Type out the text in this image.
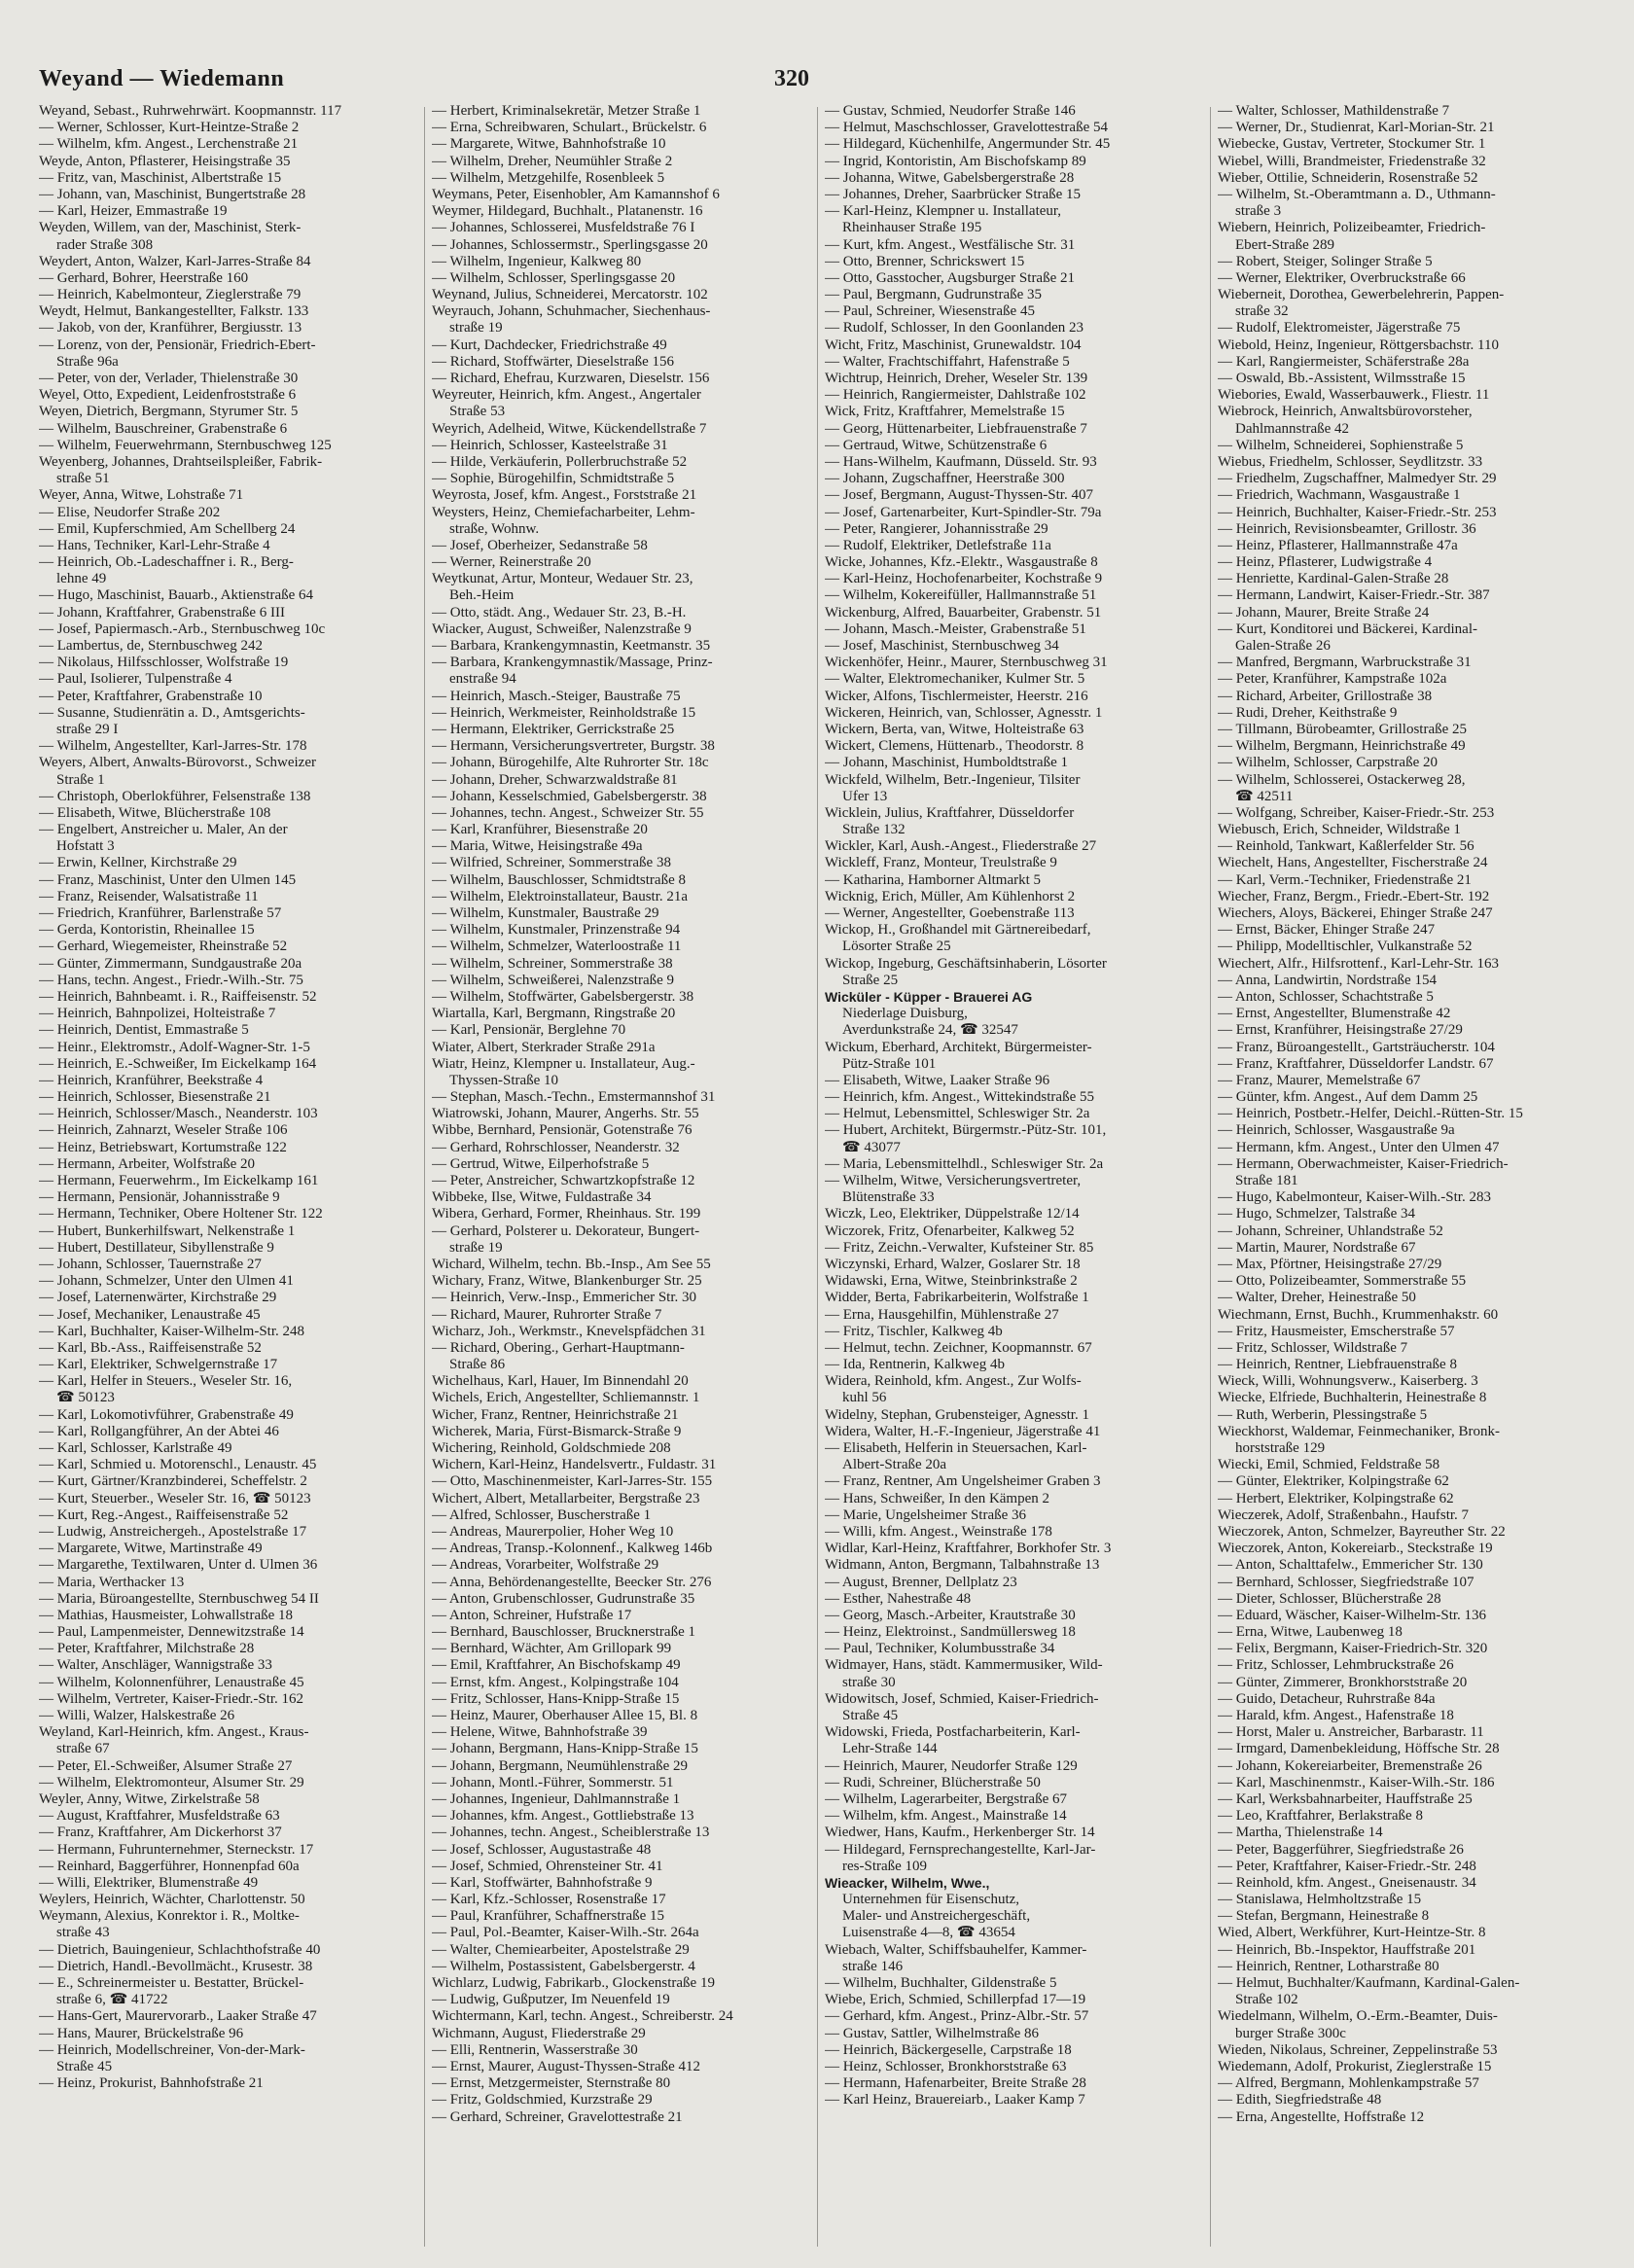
Weyand — Wiedemann	320
Weyand, Sebast., Ruhrwehrwärt. Koopmannstr. 117
— Werner, Schlosser, Kurt-Heintze-Straße 2
— Wilhelm, kfm. Angest., Lerchenstraße 21
Weyde, Anton, Pflasterer, Heisingstraße 35
— Fritz, van, Maschinist, Albertstraße 15
— Johann, van, Maschinist, Bungertstraße 28
— Karl, Heizer, Emmastraße 19
Weyden, Willem, van der, Maschinist, Sterk-
rader Straße 308
Weydert, Anton, Walzer, Karl-Jarres-Straße 84
— Gerhard, Bohrer, Heerstraße 160
— Heinrich, Kabelmonteur, Zieglerstraße 79
Weydt, Helmut, Bankangestellter, Falkstr. 133
— Jakob, von der, Kranführer, Bergiusstr. 13
— Lorenz, von der, Pensionär, Friedrich-Ebert-
Straße 96a
— Peter, von der, Verlader, Thielenstraße 30
Weyel, Otto, Expedient, Leidenfroststraße 6
Weyen, Dietrich, Bergmann, Styrumer Str. 5
— Wilhelm, Bauschreiner, Grabenstraße 6
— Wilhelm, Feuerwehrmann, Sternbuschweg 125
Weyenberg, Johannes, Drahtseilspleißer, Fabrik-
straße 51
Weyer, Anna, Witwe, Lohstraße 71
— Elise, Neudorfer Straße 202
— Emil, Kupferschmied, Am Schellberg 24
— Hans, Techniker, Karl-Lehr-Straße 4
— Heinrich, Ob.-Ladeschaffner i. R., Berg-
lehne 49
— Hugo, Maschinist, Bauarb., Aktienstraße 64
— Johann, Kraftfahrer, Grabenstraße 6 III
— Josef, Papiermasch.-Arb., Sternbuschweg 10c
— Lambertus, de, Sternbuschweg 242
— Nikolaus, Hilfsschlosser, Wolfstraße 19
— Paul, Isolierer, Tulpenstraße 4
— Peter, Kraftfahrer, Grabenstraße 10
— Susanne, Studienrätin a. D., Amtsgerichts-
straße 29 I
— Wilhelm, Angestellter, Karl-Jarres-Str. 178
Weyers, Albert, Anwalts-Bürovorst., Schweizer
Straße 1
— Christoph, Oberlokführer, Felsenstraße 138
— Elisabeth, Witwe, Blücherstraße 108
— Engelbert, Anstreicher u. Maler, An der
Hofstatt 3
— Erwin, Kellner, Kirchstraße 29
— Franz, Maschinist, Unter den Ulmen 145
— Franz, Reisender, Walsatistraße 11
— Friedrich, Kranführer, Barlenstraße 57
— Gerda, Kontoristin, Rheinallee 15
— Gerhard, Wiegemeister, Rheinstraße 52
— Günter, Zimmermann, Sundgaustraße 20a
— Hans, techn. Angest., Friedr.-Wilh.-Str. 75
— Heinrich, Bahnbeamt. i. R., Raiffeisenstr. 52
— Heinrich, Bahnpolizei, Holteistraße 7
— Heinrich, Dentist, Emmastraße 5
— Heinr., Elektromstr., Adolf-Wagner-Str. 1-5
— Heinrich, E.-Schweißer, Im Eickelkamp 164
— Heinrich, Kranführer, Beekstraße 4
— Heinrich, Schlosser, Biesenstraße 21
— Heinrich, Schlosser/Masch., Neanderstr. 103
— Heinrich, Zahnarzt, Weseler Straße 106
— Heinz, Betriebswart, Kortumstraße 122
— Hermann, Arbeiter, Wolfstraße 20
— Hermann, Feuerwehrm., Im Eickelkamp 161
— Hermann, Pensionär, Johannisstraße 9
— Hermann, Techniker, Obere Holtener Str. 122
— Hubert, Bunkerhilfswart, Nelkenstraße 1
— Hubert, Destillateur, Sibyllenstraße 9
— Johann, Schlosser, Tauernstraße 27
— Johann, Schmelzer, Unter den Ulmen 41
— Josef, Laternenwärter, Kirchstraße 29
— Josef, Mechaniker, Lenaustraße 45
— Karl, Buchhalter, Kaiser-Wilhelm-Str. 248
— Karl, Bb.-Ass., Raiffeisenstraße 52
— Karl, Elektriker, Schwelgernstraße 17
— Karl, Helfer in Steuers., Weseler Str. 16,
☎ 50123
— Karl, Lokomotivführer, Grabenstraße 49
— Karl, Rollgangführer, An der Abtei 46
— Karl, Schlosser, Karlstraße 49
— Karl, Schmied u. Motorenschl., Lenaustr. 45
— Kurt, Gärtner/Kranzbinderei, Scheffelstr. 2
— Kurt, Steuerber., Weseler Str. 16, ☎ 50123
— Kurt, Reg.-Angest., Raiffeisenstraße 52
— Ludwig, Anstreichergeh., Apostelstraße 17
— Margarete, Witwe, Martinstraße 49
— Margarethe, Textilwaren, Unter d. Ulmen 36
— Maria, Werthacker 13
— Maria, Büroangestellte, Sternbuschweg 54 II
— Mathias, Hausmeister, Lohwallstraße 18
— Paul, Lampenmeister, Dennewitzstraße 14
— Peter, Kraftfahrer, Milchstraße 28
— Walter, Anschläger, Wannigstraße 33
— Wilhelm, Kolonnenführer, Lenaustraße 45
— Wilhelm, Vertreter, Kaiser-Friedr.-Str. 162
— Willi, Walzer, Halskestraße 26
Weyland, Karl-Heinrich, kfm. Angest., Kraus-
straße 67
— Peter, El.-Schweißer, Alsumer Straße 27
— Wilhelm, Elektromonteur, Alsumer Str. 29
Weyler, Anny, Witwe, Zirkelstraße 58
— August, Kraftfahrer, Musfeldstraße 63
— Franz, Kraftfahrer, Am Dickerhorst 37
— Hermann, Fuhrunternehmer, Sterneckstr. 17
— Reinhard, Baggerführer, Honnenpfad 60a
— Willi, Elektriker, Blumenstraße 49
Weylers, Heinrich, Wächter, Charlottenstr. 50
Weymann, Alexius, Konrektor i. R., Moltke-
straße 43
— Dietrich, Bauingenieur, Schlachthofstraße 40
— Dietrich, Handl.-Bevollmächt., Krusestr. 38
— E., Schreinermeister u. Bestatter, Brückel-
straße 6, ☎ 41722
— Hans-Gert, Maurervorarb., Laaker Straße 47
— Hans, Maurer, Brückelstraße 96
— Heinrich, Modellschreiner, Von-der-Mark-
Straße 45
— Heinz, Prokurist, Bahnhofstraße 21
— Herbert, Kriminalsekretär, Metzer Straße 1
— Erna, Schreibwaren, Schulart., Brückelstr. 6
— Margarete, Witwe, Bahnhofstraße 10
— Wilhelm, Dreher, Neumühler Straße 2
— Wilhelm, Metzgehilfe, Rosenbleek 5
Weymans, Peter, Eisenhobler, Am Kamannshof 6
Weymer, Hildegard, Buchhalt., Platanenstr. 16
— Johannes, Schlosserei, Musfeldstraße 76 I
— Johannes, Schlossermstr., Sperlingsgasse 20
— Wilhelm, Ingenieur, Kalkweg 80
— Wilhelm, Schlosser, Sperlingsgasse 20
Weynand, Julius, Schneiderei, Mercatorstr. 102
Weyrauch, Johann, Schuhmacher, Siechenhaus-
straße 19
— Kurt, Dachdecker, Friedrichstraße 49
— Richard, Stoffwärter, Dieselstraße 156
— Richard, Ehefrau, Kurzwaren, Dieselstr. 156
Weyreuter, Heinrich, kfm. Angest., Angertaler
Straße 53
Weyrich, Adelheid, Witwe, Kückendellstraße 7
— Heinrich, Schlosser, Kasteelstraße 31
— Hilde, Verkäuferin, Pollerbruchstraße 52
— Sophie, Bürogehilfin, Schmidtstraße 5
Weyrosta, Josef, kfm. Angest., Forststraße 21
Weysters, Heinz, Chemiefacharbeiter, Lehm-
straße, Wohnw.
— Josef, Oberheizer, Sedanstraße 58
— Werner, Reinerstraße 20
Weytkunat, Artur, Monteur, Wedauer Str. 23,
Beh.-Heim
— Otto, städt. Ang., Wedauer Str. 23, B.-H.
Wiacker, August, Schweißer, Nalenzstraße 9
— Barbara, Krankengymnastin, Keetmanstr. 35
— Barbara, Krankengymnastik/Massage, Prinz-
enstraße 94
— Heinrich, Masch.-Steiger, Baustraße 75
— Heinrich, Werkmeister, Reinholdstraße 15
— Hermann, Elektriker, Gerrickstraße 25
— Hermann, Versicherungsvertreter, Burgstr. 38
— Johann, Bürogehilfe, Alte Ruhrorter Str. 18c
— Johann, Dreher, Schwarzwaldstraße 81
— Johann, Kesselschmied, Gabelsbergerstr. 38
— Johannes, techn. Angest., Schweizer Str. 55
— Karl, Kranführer, Biesenstraße 20
— Maria, Witwe, Heisingstraße 49a
— Wilfried, Schreiner, Sommerstraße 38
— Wilhelm, Bauschlosser, Schmidtstraße 8
— Wilhelm, Elektroinstallateur, Baustr. 21a
— Wilhelm, Kunstmaler, Baustraße 29
— Wilhelm, Kunstmaler, Prinzenstraße 94
— Wilhelm, Schmelzer, Waterloostraße 11
— Wilhelm, Schreiner, Sommerstraße 38
— Wilhelm, Schweißerei, Nalenzstraße 9
— Wilhelm, Stoffwärter, Gabelsbergerstr. 38
Wiartalla, Karl, Bergmann, Ringstraße 20
— Karl, Pensionär, Berglehne 70
Wiater, Albert, Sterkrader Straße 291a
Wiatr, Heinz, Klempner u. Installateur, Aug.-
Thyssen-Straße 10
— Stephan, Masch.-Techn., Emstermannshof 31
Wiatrowski, Johann, Maurer, Angerhs. Str. 55
Wibbe, Bernhard, Pensionär, Gotenstraße 76
— Gerhard, Rohrschlosser, Neanderstr. 32
— Gertrud, Witwe, Eilperhofstraße 5
— Peter, Anstreicher, Schwartzkopfstraße 12
Wibbeke, Ilse, Witwe, Fuldastraße 34
Wibera, Gerhard, Former, Rheinhaus. Str. 199
— Gerhard, Polsterer u. Dekorateur, Bungert-
straße 19
Wichard, Wilhelm, techn. Bb.-Insp., Am See 55
Wichary, Franz, Witwe, Blankenburger Str. 25
— Heinrich, Verw.-Insp., Emmericher Str. 30
— Richard, Maurer, Ruhrorter Straße 7
Wicharz, Joh., Werkmstr., Knevelspfädchen 31
— Richard, Obering., Gerhart-Hauptmann-
Straße 86
Wichelhaus, Karl, Hauer, Im Binnendahl 20
Wichels, Erich, Angestellter, Schliemannstr. 1
Wicher, Franz, Rentner, Heinrichstraße 21
Wicherek, Maria, Fürst-Bismarck-Straße 9
Wichering, Reinhold, Goldschmiede 208
Wichern, Karl-Heinz, Handelsvertr., Fuldastr. 31
— Otto, Maschinenmeister, Karl-Jarres-Str. 155
Wichert, Albert, Metallarbeiter, Bergstraße 23
— Alfred, Schlosser, Buscherstraße 1
— Andreas, Maurerpolier, Hoher Weg 10
— Andreas, Transp.-Kolonnenf., Kalkweg 146b
— Andreas, Vorarbeiter, Wolfstraße 29
— Anna, Behördenangestellte, Beecker Str. 276
— Anton, Grubenschlosser, Gudrunstraße 35
— Anton, Schreiner, Hufstraße 17
— Bernhard, Bauschlosser, Brucknerstraße 1
— Bernhard, Wächter, Am Grillopark 99
— Emil, Kraftfahrer, An Bischofskamp 49
— Ernst, kfm. Angest., Kolpingstraße 104
— Fritz, Schlosser, Hans-Knipp-Straße 15
— Heinz, Maurer, Oberhauser Allee 15, Bl. 8
— Helene, Witwe, Bahnhofstraße 39
— Johann, Bergmann, Hans-Knipp-Straße 15
— Johann, Bergmann, Neumühlenstraße 29
— Johann, Montl.-Führer, Sommerstr. 51
— Johannes, Ingenieur, Dahlmannstraße 1
— Johannes, kfm. Angest., Gottliebstraße 13
— Johannes, techn. Angest., Scheiblerstraße 13
— Josef, Schlosser, Augustastraße 48
— Josef, Schmied, Ohrensteiner Str. 41
— Karl, Stoffwärter, Bahnhofstraße 9
— Karl, Kfz.-Schlosser, Rosenstraße 17
— Paul, Kranführer, Schaffnerstraße 15
— Paul, Pol.-Beamter, Kaiser-Wilh.-Str. 264a
— Walter, Chemiearbeiter, Apostelstraße 29
— Wilhelm, Postassistent, Gabelsbergerstr. 4
Wichlarz, Ludwig, Fabrikarb., Glockenstraße 19
— Ludwig, Gußputzer, Im Neuenfeld 19
Wichtermann, Karl, techn. Angest., Schreiberstr. 24
Wichmann, August, Fliederstraße 29
— Elli, Rentnerin, Wasserstraße 30
— Ernst, Maurer, August-Thyssen-Straße 412
— Ernst, Metzgermeister, Sternstraße 80
— Fritz, Goldschmied, Kurzstraße 29
— Gerhard, Schreiner, Gravelottestraße 21
— Gustav, Schmied, Neudorfer Straße 146
— Helmut, Maschschlosser, Gravelottestraße 54
— Hildegard, Küchenhilfe, Angermunder Str. 45
— Ingrid, Kontoristin, Am Bischofskamp 89
— Johanna, Witwe, Gabelsbergerstraße 28
— Johannes, Dreher, Saarbrücker Straße 15
— Karl-Heinz, Klempner u. Installateur,
Rheinhauser Straße 195
— Kurt, kfm. Angest., Westfälische Str. 31
— Otto, Brenner, Schrickswert 15
— Otto, Gasstocher, Augsburger Straße 21
— Paul, Bergmann, Gudrunstraße 35
— Paul, Schreiner, Wiesenstraße 45
— Rudolf, Schlosser, In den Goonlanden 23
Wicht, Fritz, Maschinist, Grunewaldstr. 104
— Walter, Frachtschiffahrt, Hafenstraße 5
Wichtrup, Heinrich, Dreher, Weseler Str. 139
— Heinrich, Rangiermeister, Dahlstraße 102
Wick, Fritz, Kraftfahrer, Memelstraße 15
— Georg, Hüttenarbeiter, Liebfrauenstraße 7
— Gertraud, Witwe, Schützenstraße 6
— Hans-Wilhelm, Kaufmann, Düsseld. Str. 93
— Johann, Zugschaffner, Heerstraße 300
— Josef, Bergmann, August-Thyssen-Str. 407
— Josef, Gartenarbeiter, Kurt-Spindler-Str. 79a
— Peter, Rangierer, Johannisstraße 29
— Rudolf, Elektriker, Detlefstraße 11a
Wicke, Johannes, Kfz.-Elektr., Wasgaustraße 8
— Karl-Heinz, Hochofenarbeiter, Kochstraße 9
— Wilhelm, Kokereifüller, Hallmannstraße 51
Wickenburg, Alfred, Bauarbeiter, Grabenstr. 51
— Johann, Masch.-Meister, Grabenstraße 51
— Josef, Maschinist, Sternbuschweg 34
Wickenhöfer, Heinr., Maurer, Sternbuschweg 31
— Walter, Elektromechaniker, Kulmer Str. 5
Wicker, Alfons, Tischlermeister, Heerstr. 216
Wickeren, Heinrich, van, Schlosser, Agnesstr. 1
Wickern, Berta, van, Witwe, Holteistraße 63
Wickert, Clemens, Hüttenarb., Theodorstr. 8
— Johann, Maschinist, Humboldtstraße 1
Wickfeld, Wilhelm, Betr.-Ingenieur, Tilsiter
Ufer 13
Wicklein, Julius, Kraftfahrer, Düsseldorfer
Straße 132
Wickler, Karl, Aush.-Angest., Fliederstraße 27
Wickleff, Franz, Monteur, Treulstraße 9
— Katharina, Hamborner Altmarkt 5
Wicknig, Erich, Müller, Am Kühlenhorst 2
— Werner, Angestellter, Goebenstraße 113
Wickop, H., Großhandel mit Gärtnereibedarf,
Lösorter Straße 25
Wickop, Ingeburg, Geschäftsinhaberin, Lösorter
Straße 25
Wicküler - Küpper - Brauerei AG
Niederlage Duisburg,
Averdunkstraße 24, ☎ 32547
Wickum, Eberhard, Architekt, Bürgermeister-
Pütz-Straße 101
— Elisabeth, Witwe, Laaker Straße 96
— Heinrich, kfm. Angest., Wittekindstraße 55
— Helmut, Lebensmittel, Schleswiger Str. 2a
— Hubert, Architekt, Bürgermstr.-Pütz-Str. 101,
☎ 43077
— Maria, Lebensmittelhdl., Schleswiger Str. 2a
— Wilhelm, Witwe, Versicherungsvertreter,
Blütenstraße 33
Wiczk, Leo, Elektriker, Düppelstraße 12/14
Wiczorek, Fritz, Ofenarbeiter, Kalkweg 52
— Fritz, Zeichn.-Verwalter, Kufsteiner Str. 85
Wiczynski, Erhard, Walzer, Goslarer Str. 18
Widawski, Erna, Witwe, Steinbrinkstraße 2
Widder, Berta, Fabrikarbeiterin, Wolfstraße 1
— Erna, Hausgehilfin, Mühlenstraße 27
— Fritz, Tischler, Kalkweg 4b
— Helmut, techn. Zeichner, Koopmannstr. 67
— Ida, Rentnerin, Kalkweg 4b
Widera, Reinhold, kfm. Angest., Zur Wolfs-
kuhl 56
Widelny, Stephan, Grubensteiger, Agnesstr. 1
Widera, Walter, H.-F.-Ingenieur, Jägerstraße 41
— Elisabeth, Helferin in Steuersachen, Karl-
Albert-Straße 20a
— Franz, Rentner, Am Ungelsheimer Graben 3
— Hans, Schweißer, In den Kämpen 2
— Marie, Ungelsheimer Straße 36
— Willi, kfm. Angest., Weinstraße 178
Widlar, Karl-Heinz, Kraftfahrer, Borkhofer Str. 3
Widmann, Anton, Bergmann, Talbahnstraße 13
— August, Brenner, Dellplatz 23
— Esther, Nahestraße 48
— Georg, Masch.-Arbeiter, Krautstraße 30
— Heinz, Elektroinst., Sandmüllersweg 18
— Paul, Techniker, Kolumbusstraße 34
Widmayer, Hans, städt. Kammermusiker, Wild-
straße 30
Widowitsch, Josef, Schmied, Kaiser-Friedrich-
Straße 45
Widowski, Frieda, Postfacharbeiterin, Karl-
Lehr-Straße 144
— Heinrich, Maurer, Neudorfer Straße 129
— Rudi, Schreiner, Blücherstraße 50
— Wilhelm, Lagerarbeiter, Bergstraße 67
— Wilhelm, kfm. Angest., Mainstraße 14
Wiedwer, Hans, Kaufm., Herkenberger Str. 14
— Hildegard, Fernsprechangestellte, Karl-Jar-
res-Straße 109
Wieacker, Wilhelm, Wwe.,
Unternehmen für Eisenschutz,
Maler- und Anstreichergeschäft,
Luisenstraße 4—8, ☎ 43654
Wiebach, Walter, Schiffsbauhelfer, Kammer-
straße 146
— Wilhelm, Buchhalter, Gildenstraße 5
Wiebe, Erich, Schmied, Schillerpfad 17—19
— Gerhard, kfm. Angest., Prinz-Albr.-Str. 57
— Gustav, Sattler, Wilhelmstraße 86
— Heinrich, Bäckergeselle, Carpstraße 18
— Heinz, Schlosser, Bronkhorststraße 63
— Hermann, Hafenarbeiter, Breite Straße 28
— Karl Heinz, Brauereiarb., Laaker Kamp 7
— Walter, Schlosser, Mathildenstraße 7
— Werner, Dr., Studienrat, Karl-Morian-Str. 21
Wiebecke, Gustav, Vertreter, Stockumer Str. 1
Wiebel, Willi, Brandmeister, Friedenstraße 32
Wieber, Ottilie, Schneiderin, Rosenstraße 52
— Wilhelm, St.-Oberamtmann a. D., Uthmann-
straße 3
Wiebern, Heinrich, Polizeibeamter, Friedrich-
Ebert-Straße 289
— Robert, Steiger, Solinger Straße 5
— Werner, Elektriker, Overbruckstraße 66
Wieberneit, Dorothea, Gewerbelehrerin, Pappen-
straße 32
— Rudolf, Elektromeister, Jägerstraße 75
Wiebold, Heinz, Ingenieur, Röttgersbachstr. 110
— Karl, Rangiermeister, Schäferstraße 28a
— Oswald, Bb.-Assistent, Wilmsstraße 15
Wiebories, Ewald, Wasserbauwerk., Fliestr. 11
Wiebrock, Heinrich, Anwaltsbürovorsteher,
Dahlmannstraße 42
— Wilhelm, Schneiderei, Sophienstraße 5
Wiebus, Friedhelm, Schlosser, Seydlitzstr. 33
— Friedhelm, Zugschaffner, Malmedyer Str. 29
— Friedrich, Wachmann, Wasgaustraße 1
— Heinrich, Buchhalter, Kaiser-Friedr.-Str. 253
— Heinrich, Revisionsbeamter, Grillostr. 36
— Heinz, Pflasterer, Hallmannstraße 47a
— Heinz, Pflasterer, Ludwigstraße 4
— Henriette, Kardinal-Galen-Straße 28
— Hermann, Landwirt, Kaiser-Friedr.-Str. 387
— Johann, Maurer, Breite Straße 24
— Kurt, Konditorei und Bäckerei, Kardinal-
Galen-Straße 26
— Manfred, Bergmann, Warbruckstraße 31
— Peter, Kranführer, Kampstraße 102a
— Richard, Arbeiter, Grillostraße 38
— Rudi, Dreher, Keithstraße 9
— Tillmann, Bürobeamter, Grillostraße 25
— Wilhelm, Bergmann, Heinrichstraße 49
— Wilhelm, Schlosser, Carpstraße 20
— Wilhelm, Schlosserei, Ostackerweg 28,
☎ 42511
— Wolfgang, Schreiber, Kaiser-Friedr.-Str. 253
Wiebusch, Erich, Schneider, Wildstraße 1
— Reinhold, Tankwart, Kaßlerfelder Str. 56
Wiechelt, Hans, Angestellter, Fischerstraße 24
— Karl, Verm.-Techniker, Friedenstraße 21
Wiecher, Franz, Bergm., Friedr.-Ebert-Str. 192
Wiechers, Aloys, Bäckerei, Ehinger Straße 247
— Ernst, Bäcker, Ehinger Straße 247
— Philipp, Modelltischler, Vulkanstraße 52
Wiechert, Alfr., Hilfsrottenf., Karl-Lehr-Str. 163
— Anna, Landwirtin, Nordstraße 154
— Anton, Schlosser, Schachtstraße 5
— Ernst, Angestellter, Blumenstraße 42
— Ernst, Kranführer, Heisingstraße 27/29
— Franz, Büroangestellt., Gartsträucherstr. 104
— Franz, Kraftfahrer, Düsseldorfer Landstr. 67
— Franz, Maurer, Memelstraße 67
— Günter, kfm. Angest., Auf dem Damm 25
— Heinrich, Postbetr.-Helfer, Deichl.-Rütten-Str. 15
— Heinrich, Schlosser, Wasgaustraße 9a
— Hermann, kfm. Angest., Unter den Ulmen 47
— Hermann, Oberwachmeister, Kaiser-Friedrich-
Straße 181
— Hugo, Kabelmonteur, Kaiser-Wilh.-Str. 283
— Hugo, Schmelzer, Talstraße 34
— Johann, Schreiner, Uhlandstraße 52
— Martin, Maurer, Nordstraße 67
— Max, Pförtner, Heisingstraße 27/29
— Otto, Polizeibeamter, Sommerstraße 55
— Walter, Dreher, Heinestraße 50
Wiechmann, Ernst, Buchh., Krummenhakstr. 60
— Fritz, Hausmeister, Emscherstraße 57
— Fritz, Schlosser, Wildstraße 7
— Heinrich, Rentner, Liebfrauenstraße 8
Wieck, Willi, Wohnungsverw., Kaiserberg. 3
Wiecke, Elfriede, Buchhalterin, Heinestraße 8
— Ruth, Werberin, Plessingstraße 5
Wieckhorst, Waldemar, Feinmechaniker, Bronk-
horststraße 129
Wiecki, Emil, Schmied, Feldstraße 58
— Günter, Elektriker, Kolpingstraße 62
— Herbert, Elektriker, Kolpingstraße 62
Wieczerek, Adolf, Straßenbahn., Haufstr. 7
Wieczorek, Anton, Schmelzer, Bayreuther Str. 22
Wieczorek, Anton, Kokereiarb., Steckstraße 19
— Anton, Schalttafelw., Emmericher Str. 130
— Bernhard, Schlosser, Siegfriedstraße 107
— Dieter, Schlosser, Blücherstraße 28
— Eduard, Wäscher, Kaiser-Wilhelm-Str. 136
— Erna, Witwe, Laubenweg 18
— Felix, Bergmann, Kaiser-Friedrich-Str. 320
— Fritz, Schlosser, Lehmbruckstraße 26
— Günter, Zimmerer, Bronkhorststraße 20
— Guido, Detacheur, Ruhrstraße 84a
— Harald, kfm. Angest., Hafenstraße 18
— Horst, Maler u. Anstreicher, Barbarastr. 11
— Irmgard, Damenbekleidung, Höffsche Str. 28
— Johann, Kokereiarbeiter, Bremenstraße 26
— Karl, Maschinenmstr., Kaiser-Wilh.-Str. 186
— Karl, Werksbahnarbeiter, Hauffstraße 25
— Leo, Kraftfahrer, Berlakstraße 8
— Martha, Thielenstraße 14
— Peter, Baggerführer, Siegfriedstraße 26
— Peter, Kraftfahrer, Kaiser-Friedr.-Str. 248
— Reinhold, kfm. Angest., Gneisenaustr. 34
— Stanislawa, Helmholtzstraße 15
— Stefan, Bergmann, Heinestraße 8
Wied, Albert, Werkführer, Kurt-Heintze-Str. 8
— Heinrich, Bb.-Inspektor, Hauffstraße 201
— Heinrich, Rentner, Lotharstraße 80
— Helmut, Buchhalter/Kaufmann, Kardinal-Galen-
Straße 102
Wiedelmann, Wilhelm, O.-Erm.-Beamter, Duis-
burger Straße 300c
Wieden, Nikolaus, Schreiner, Zeppelinstraße 53
Wiedemann, Adolf, Prokurist, Zieglerstraße 15
— Alfred, Bergmann, Mohlenkampstraße 57
— Edith, Siegfriedstraße 48
— Erna, Angestellte, Hoffstraße 12
